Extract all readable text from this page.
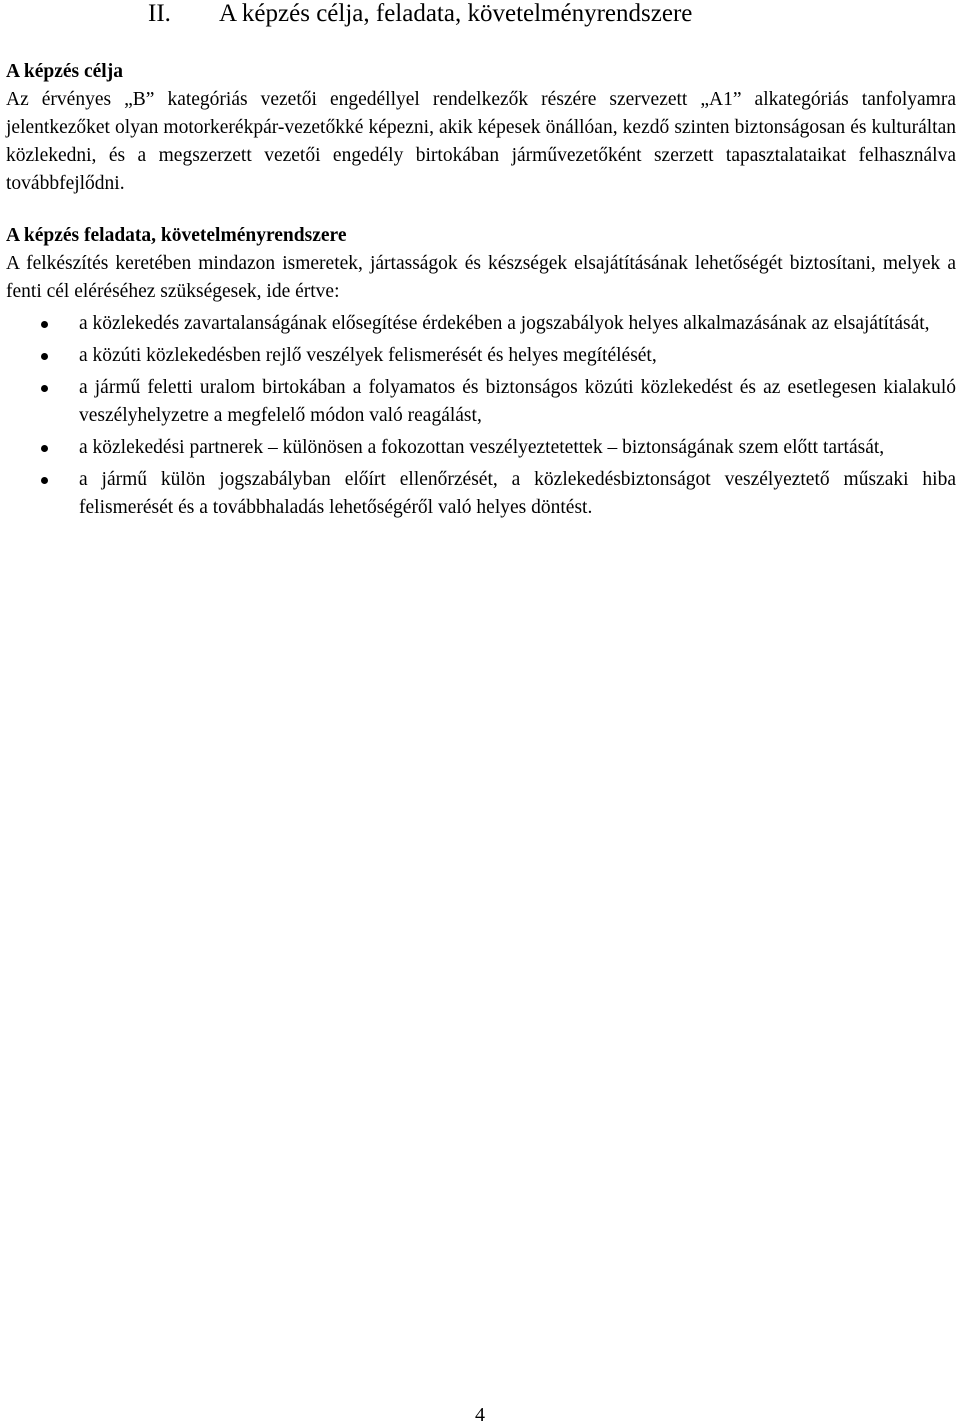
II. A képzés célja, feladata, követelményrendszere
A képzés célja

Az érvényes „B” kategóriás vezetői engedéllyel rendelkezők részére szervezett „A1” alkategóriás tanfolyamra jelentkezőket olyan motorkerékpár-vezetőkké képezni, akik képesek önállóan, kezdő szinten biztonságosan és kulturáltan közlekedni, és a megszerzett vezetői engedély birtokában járművezetőként szerzett tapasztalataikat felhasználva továbbfejlődni.

A képzés feladata, követelményrendszere

A felkészítés keretében mindazon ismeretek, jártasságok és készségek elsajátításának lehetőségét biztosítani, melyek a fenti cél eléréséhez szükségesek, ide értve:

a közlekedés zavartalanságának elősegítése érdekében a jogszabályok helyes alkalmazásának az elsajátítását,
a közúti közlekedésben rejlő veszélyek felismerését és helyes megítélését,
a jármű feletti uralom birtokában a folyamatos és biztonságos közúti közlekedést és az esetlegesen kialakuló veszélyhelyzetre a megfelelő módon való reagálást,
a közlekedési partnerek – különösen a fokozottan veszélyeztetettek – biztonságának szem előtt tartását,
a jármű külön jogszabályban előírt ellenőrzését, a közlekedésbiztonságot veszélyeztető műszaki hiba felismerését és a továbbhaladás lehetőségéről való helyes döntést.
4
